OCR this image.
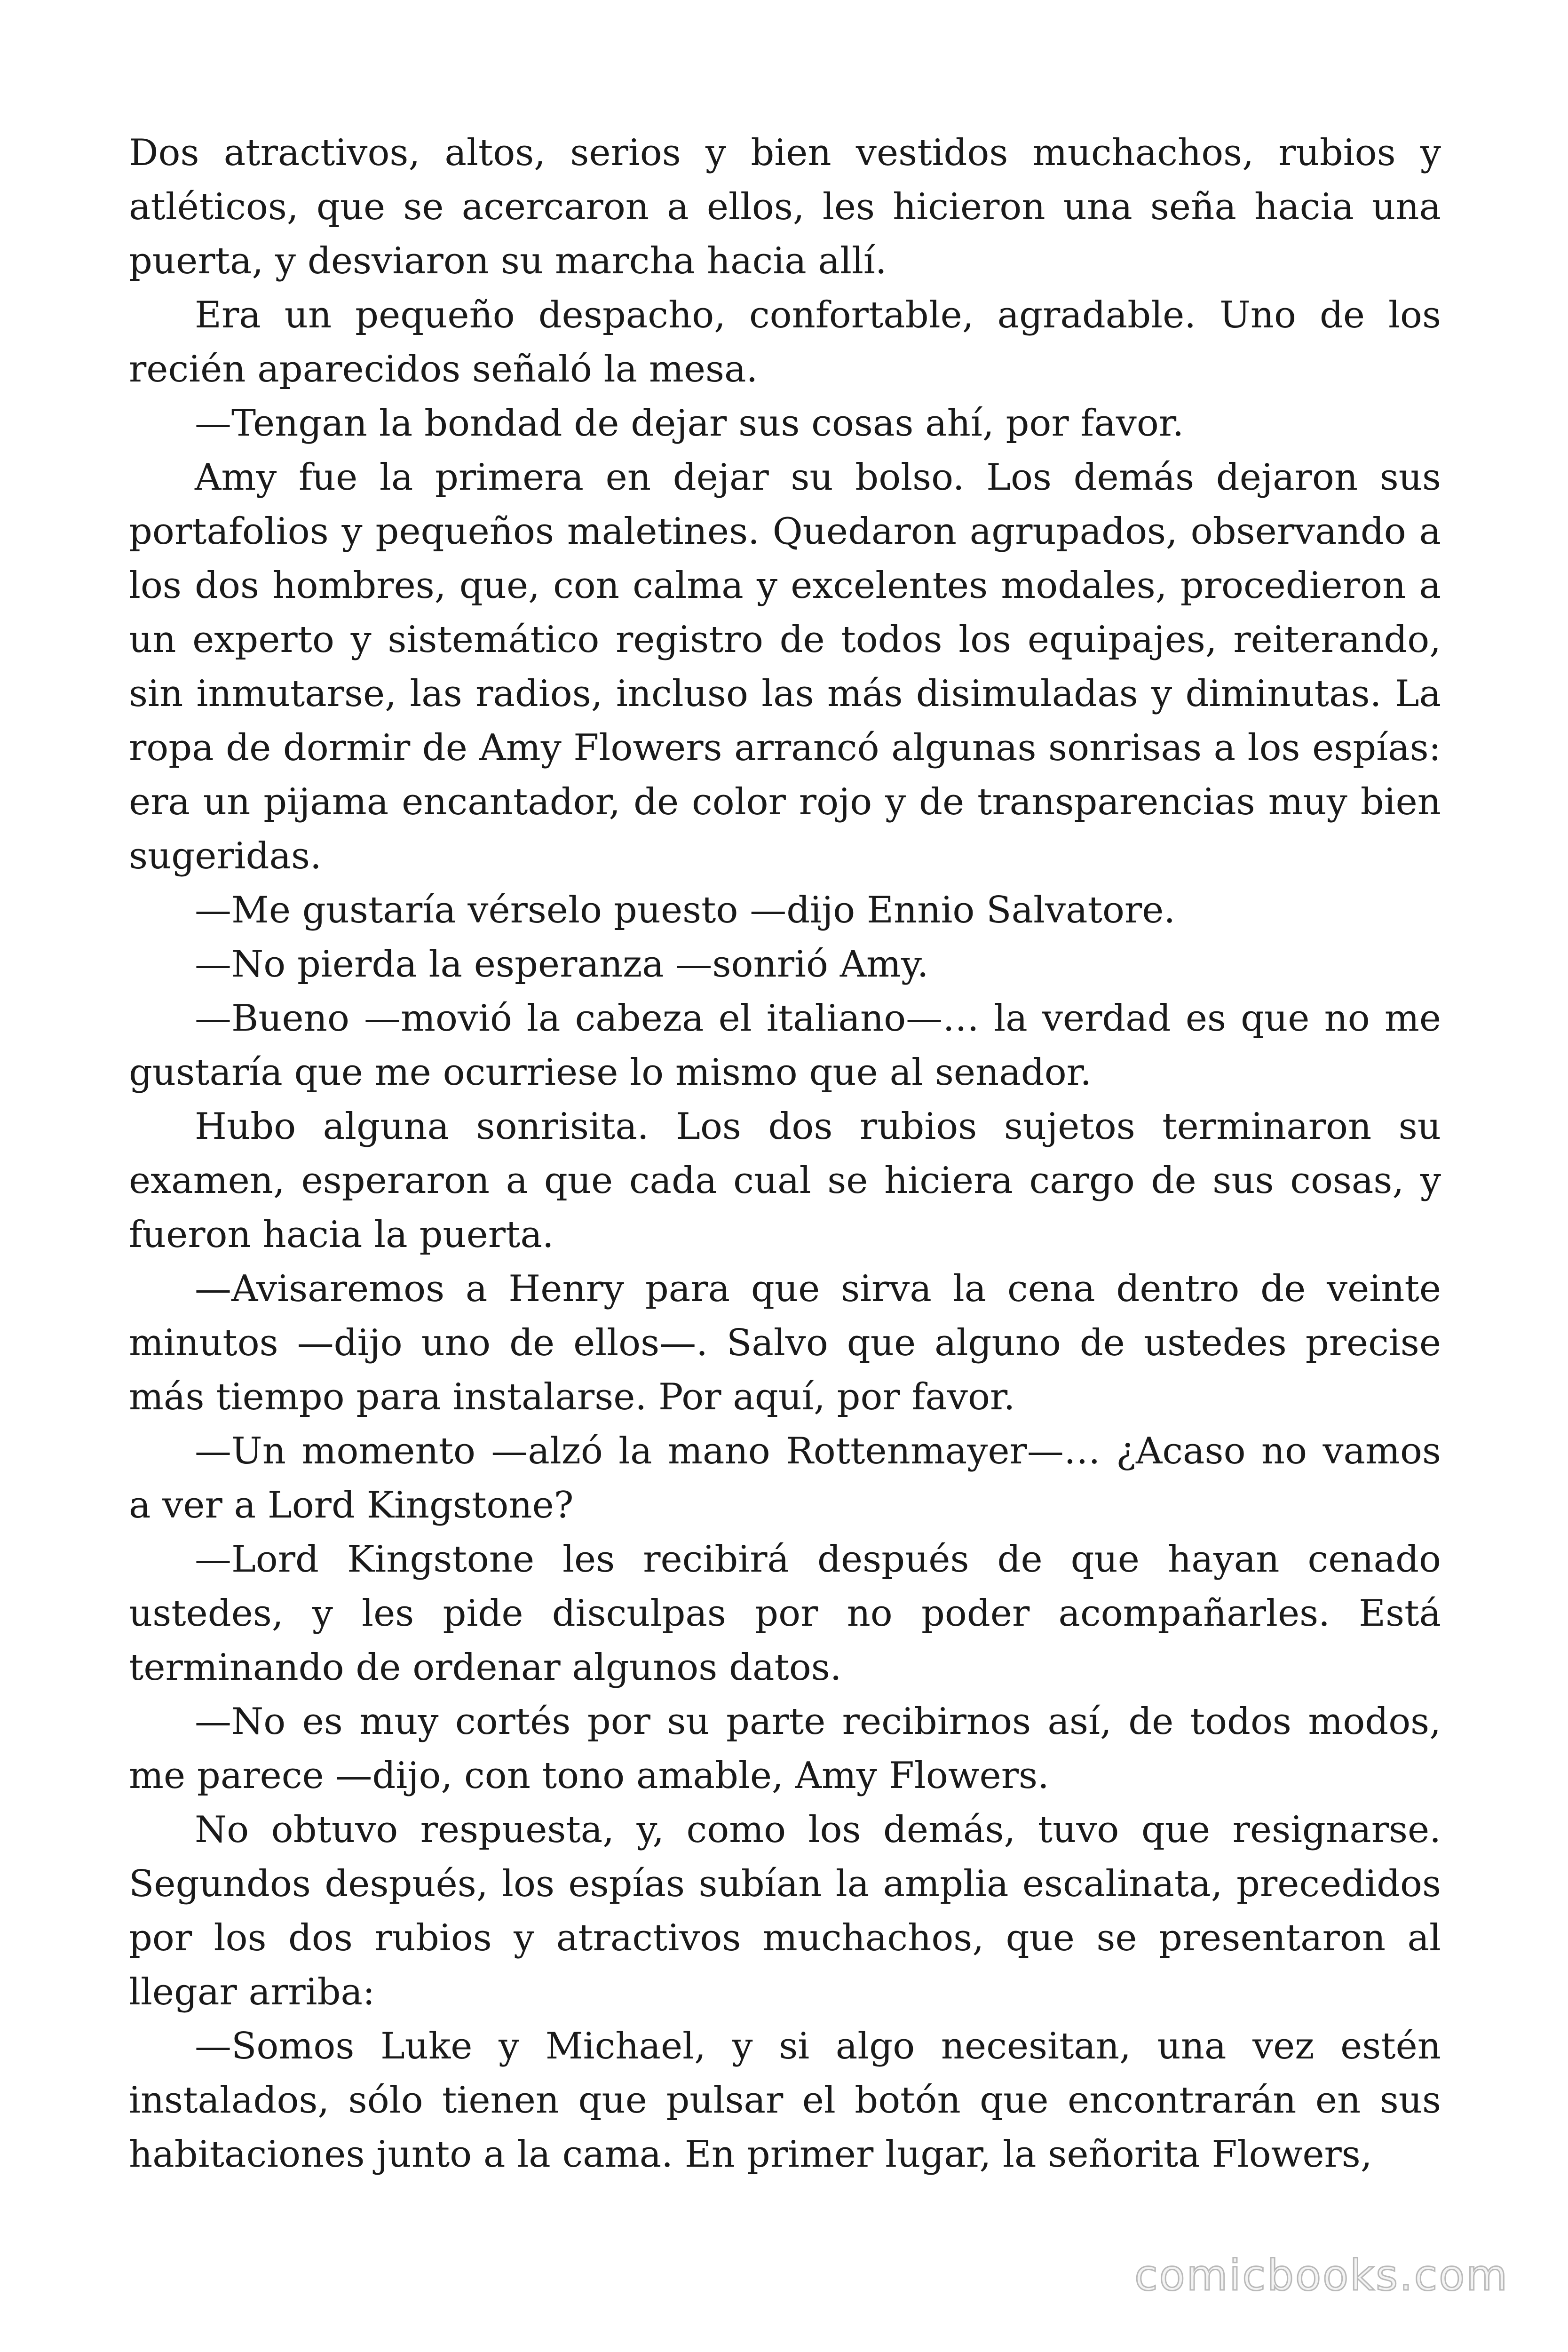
Dos atractivos, altos, serios y bien vestidos muchachos, rubios y atléticos, que se acercaron a ellos, les hicieron una seña hacia una puerta, y desviaron su marcha hacia allí.

Era un pequeño despacho, confortable, agradable. Uno de los recién aparecidos señaló la mesa.

—Tengan la bondad de dejar sus cosas ahí, por favor.

Amy fue la primera en dejar su bolso. Los demás dejaron sus portafolios y pequeños maletines. Quedaron agrupados, observando a los dos hombres, que, con calma y excelentes modales, procedieron a un experto y sistemático registro de todos los equipajes, reiterando, sin inmutarse, las radios, incluso las más disimuladas y diminutas. La ropa de dormir de Amy Flowers arrancó algunas sonrisas a los espías: era un pijama encantador, de color rojo y de transparencias muy bien sugeridas.

—Me gustaría vérselo puesto —dijo Ennio Salvatore.

—No pierda la esperanza —sonrió Amy.

—Bueno —movió la cabeza el italiano—… la verdad es que no me gustaría que me ocurriese lo mismo que al senador.

Hubo alguna sonrisita. Los dos rubios sujetos terminaron su examen, esperaron a que cada cual se hiciera cargo de sus cosas, y fueron hacia la puerta.

—Avisaremos a Henry para que sirva la cena dentro de veinte minutos —dijo uno de ellos—. Salvo que alguno de ustedes precise más tiempo para instalarse. Por aquí, por favor.

—Un momento —alzó la mano Rottenmayer—… ¿Acaso no vamos a ver a Lord Kingstone?

—Lord Kingstone les recibirá después de que hayan cenado ustedes, y les pide disculpas por no poder acompañarles. Está terminando de ordenar algunos datos.

—No es muy cortés por su parte recibirnos así, de todos modos, me parece —dijo, con tono amable, Amy Flowers.

No obtuvo respuesta, y, como los demás, tuvo que resignarse. Segundos después, los espías subían la amplia escalinata, precedidos por los dos rubios y atractivos muchachos, que se presentaron al llegar arriba:

—Somos Luke y Michael, y si algo necesitan, una vez estén instalados, sólo tienen que pulsar el botón que encontrarán en sus habitaciones junto a la cama. En primer lugar, la señorita Flowers,

comicbooks.com
